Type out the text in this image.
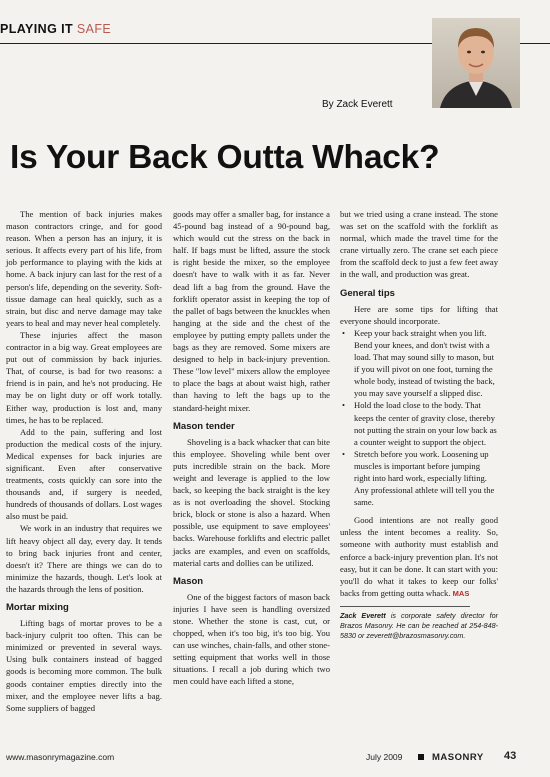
PLAYING IT SAFE
By Zack Everett
Is Your Back Outta Whack?

The mention of back injuries makes mason contractors cringe, and for good reason. When a person has an injury, it is serious. It affects every part of his life, from job performance to playing with the kids at home. A back injury can last for the rest of a person's life, depending on the severity. Soft-tissue damage can heal quickly, such as a strain, but disc and nerve damage may take years to heal and may never heal completely.

These injuries affect the mason contractor in a big way. Great employees are put out of commission by back injuries. That, of course, is bad for two reasons: a friend is in pain, and he's not producing. He may be on light duty or off work totally. Either way, production is lost and, many times, he has to be replaced.

Add to the pain, suffering and lost production the medical costs of the injury. Medical expenses for back injuries are significant. Even after conservative treatments, costs quickly can sore into the thousands and, if surgery is needed, hundreds of thousands of dollars. Lost wages also must be paid.

We work in an industry that requires we lift heavy object all day, every day. It tends to bring back injuries front and center, doesn't it? There are things we can do to minimize the hazards, though. Let's look at the hazards through the lens of position.

Mortar mixing

Lifting bags of mortar proves to be a back-injury culprit too often. This can be minimized or prevented in several ways. Using bulk containers instead of bagged goods is becoming more common. The bulk goods container empties directly into the mixer, and the employee never lifts a bag. Some suppliers of bagged

goods may offer a smaller bag, for instance a 45-pound bag instead of a 90-pound bag, which would cut the stress on the back in half. If bags must be lifted, assure the stock is right beside the mixer, so the employee doesn't have to walk with it as far. Never dead lift a bag from the ground. Have the forklift operator assist in keeping the top of the pallet of bags between the knuckles when hanging at the side and the chest of the employee by putting empty pallets under the bags as they are removed. Some mixers are designed to help in back-injury prevention. These "low level" mixers allow the employee to place the bags at about waist high, rather than having to left the bags up to the standard-height mixer.

Mason tender

Shoveling is a back whacker that can bite this employee. Shoveling while bent over puts incredible strain on the back. More weight and leverage is applied to the low back, so keeping the back straight is the key as is not overloading the shovel. Stocking brick, block or stone is also a hazard. When possible, use equipment to save employees' backs. Warehouse forklifts and electric pallet jacks are examples, and even on scaffolds, material carts and dollies can be utilized.

Mason

One of the biggest factors of mason back injuries I have seen is handling oversized stone. Whether the stone is cast, cut, or chopped, when it's too big, it's too big. You can use winches, chain-falls, and other stone-setting equipment that works well in those situations. I recall a job during which two men could have each lifted a stone,

but we tried using a crane instead. The stone was set on the scaffold with the forklift as normal, which made the travel time for the crane virtually zero. The crane set each piece from the scaffold deck to just a few feet away in the wall, and production was great.

General tips

Here are some tips for lifting that everyone should incorporate.

• Keep your back straight when you lift. Bend your knees, and don't twist with a load. That may sound silly to mason, but if you will pivot on one foot, turning the whole body, instead of twisting the back, you may save yourself a slipped disc.
• Hold the load close to the body. That keeps the center of gravity close, thereby not putting the strain on your low back as a counter weight to support the object.
• Stretch before you work. Loosening up muscles is important before jumping right into hard work, especially lifting. Any professional athlete will tell you the same.

Good intentions are not really good unless the intent becomes a reality. So, someone with authority must establish and enforce a back-injury prevention plan. It's not easy, but it can be done. It can start with you: you'll do what it takes to keep our folks' backs from getting outta whack. MAS

Zack Everett is corporate safety director for Brazos Masonry. He can be reached at 254-848-5830 or zeverett@brazosmasonry.com.
www.masonrymagazine.com	July 2009	MASONRY 43
